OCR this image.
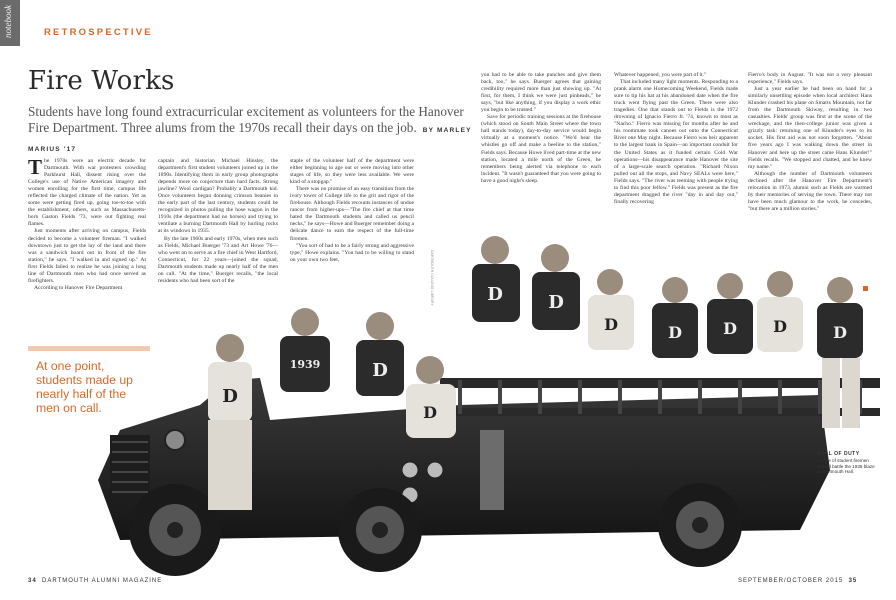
notebook	RETROSPECTIVE
Fire Works
Students have long found extracurricular excitement as volunteers for the Hanover Fire Department. Three alums from the 1970s recall their days on the job. BY MARLEY MARIUS '17

The 1970s were an electric decade for Dartmouth. With war protesters crowding Parkhurst Hall, dissent rising over the College's use of Native American imagery and women enrolling for the first time, campus life reflected the charged climate of the nation. Yet as some were getting fired up, going toe-to-toe with the establishment, others, such as Massachusetts-born Gaston Fields '73, were out fighting real flames.

Just moments after arriving on campus, Fields decided to become a volunteer fireman. "I walked downtown just to get the lay of the land and there was a sandwich board out in front of the fire station," he says. "I walked in and signed up." At first Fields failed to realize he was joining a long line of Dartmouth men who had once served as firefighters.

According to Hanover Fire Department

captain and historian Michael Hinsley, the department's first student volunteers joined up in the 1890s. Identifying them in early group photographs depends more on conjecture than hard facts. Strong jawline? Wool cardigan? Probably a Dartmouth kid. Once volunteers began donning crimson beanies in the early part of the last century, students could be recognized in photos pulling the hose wagon in the 1910s (the department had no horses) and trying to ventilate a burning Dartmouth Hall by hurling rocks at its windows in 1935.

By the late 1960s and early 1970s, when men such as Fields, Michael Buerger '73 and Art Howe '76—who went on to serve as a fire chief in West Hartford, Connecticut, for 22 years—joined the squad, Dartmouth students made up nearly half of the men on call. "At the time," Buerger recalls, "the local residents who had been sort of the

staple of the volunteer half of the department were either beginning to age out or were moving into other stages of life, so they were less available. We were kind of a stopgap."

There was no promise of an easy transition from the ivory tower of College life to the grit and rigor of the firehouse. Although Fields recounts instances of undue rancor from higher-ups—"The fire chief at that time hated the Dartmouth students and called us pencil necks," he says—Howe and Buerger remember doing a delicate dance to earn the respect of the full-time firemen.

"You sort of had to be a fairly strong and aggressive type," Howe explains. "You had to be willing to stand on your own two feet,

you had to be able to take punches and give them back, too," he says. Buerger agrees that gaining credibility required more than just showing up. "At first, for them, I think we were just pinheads," he says, "but like anything, if you display a work ethic you begin to be trusted."

Save for periodic training sessions at the firehouse (which stood on South Main Street where the town hall stands today), day-to-day service would begin virtually at a moment's notice. "We'd hear the whistles go off and make a beeline to the station," Fields says. Because Howe lived part-time at the new station, located a mile north of the Green, he remembers being alerted via telephone to each incident. "It wasn't guaranteed that you were going to have a good night's sleep.

Whatever happened, you were part of it."

That included many light moments. Responding to a prank alarm one Homecoming Weekend, Fields made sure to tip his hat at his abandoned date when the fire truck went flying past the Green. There were also tragedies. One that stands out to Fields is the 1972 drowning of Ignacio Fierro Jr. '74, known to most as "Nacho." Fierro was missing for months after he and his roommate took canoes out onto the Connecticut River one May night. Because Fierro was heir apparent to the largest bank in Spain—an important conduit for the United States as it funded certain Cold War operations—his disappearance made Hanover the site of a large-scale search operation. "Richard Nixon pulled out all the stops, and Navy SEALs were here," Fields says. "The river was teeming with people trying to find this poor fellow." Fields was present as the fire department dragged the river "day in and day out," finally recovering

Fierro's body in August. "It was not a very pleasant experience," Fields says.

Just a year earlier he had been on hand for a similarly unsettling episode when local architect Hans Klunder crashed his plane on Smarts Mountain, not far from the Dartmouth Skiway, resulting in two casualties. Fields' group was first at the scene of the wreckage, and the then-college junior was given a grizzly task: returning one of Klunder's eyes to its socket. His first aid was not soon forgotten. "About five years ago I was walking down the street in Hanover and here up the street came Hans Klunder!" Fields recalls. "We stopped and chatted, and he knew my name."

Although the number of Dartmouth volunteers declined after the Hanover Fire Department's relocation in 1973, alumni such as Fields are warmed by their memories of serving the town. There may not have been much glamour to the work, he concedes, "but there are a million stories."

DARTMOUTH COLLEGE LIBRARY
D
1939	D
D
D	D
D	D	D D	D
At one point, students made up nearly half of the men on call.
CALL OF DUTY
A crew of student firemen helped battle the 1935 blaze at Dartmouth Hall.
34 DARTMOUTH ALUMNI MAGAZINE	SEPTEMBER/OCTOBER 2015 35
